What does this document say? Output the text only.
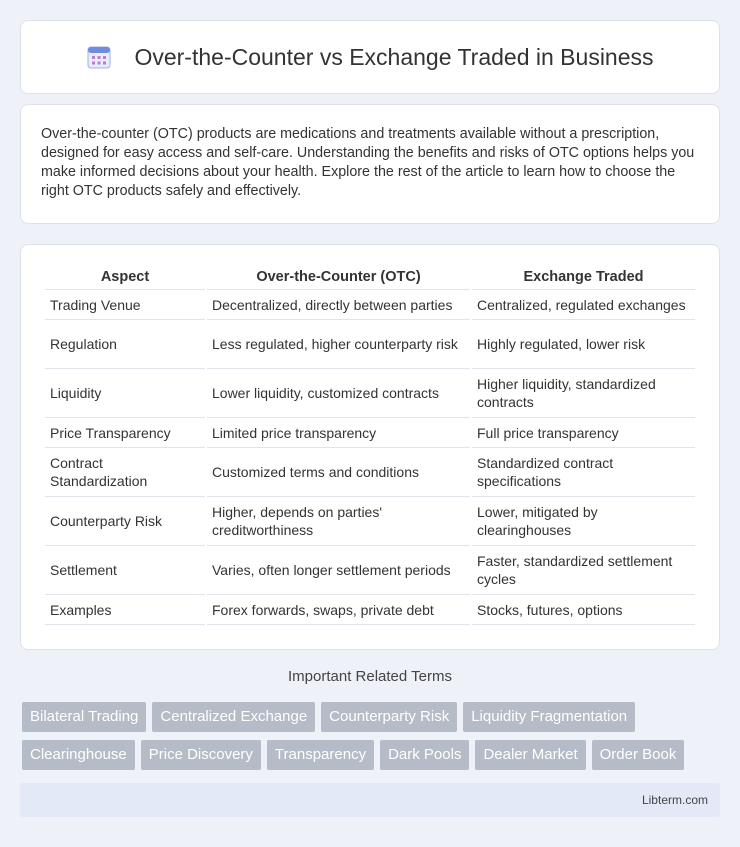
Over-the-Counter vs Exchange Traded in Business

Over-the-counter (OTC) products are medications and treatments available without a prescription, designed for easy access and self-care. Understanding the benefits and risks of OTC options helps you make informed decisions about your health. Explore the rest of the article to learn how to choose the right OTC products safely and effectively.

Aspect	Over-the-Counter (OTC)	Exchange Traded
Trading Venue	Decentralized, directly between parties	Centralized, regulated exchanges
Regulation	Less regulated, higher counterparty risk	Highly regulated, lower risk
Liquidity	Lower liquidity, customized contracts	Higher liquidity, standardized contracts
Price Transparency	Limited price transparency	Full price transparency
Contract Standardization	Customized terms and conditions	Standardized contract specifications
Counterparty Risk	Higher, depends on parties' creditworthiness	Lower, mitigated by clearinghouses
Settlement	Varies, often longer settlement periods	Faster, standardized settlement cycles
Examples	Forex forwards, swaps, private debt	Stocks, futures, options
Important Related Terms
Bilateral Trading	Centralized Exchange	Counterparty Risk	Liquidity Fragmentation
Clearinghouse	Price Discovery	Transparency	Dark Pools	Dealer Market	Order Book
Libterm.com
